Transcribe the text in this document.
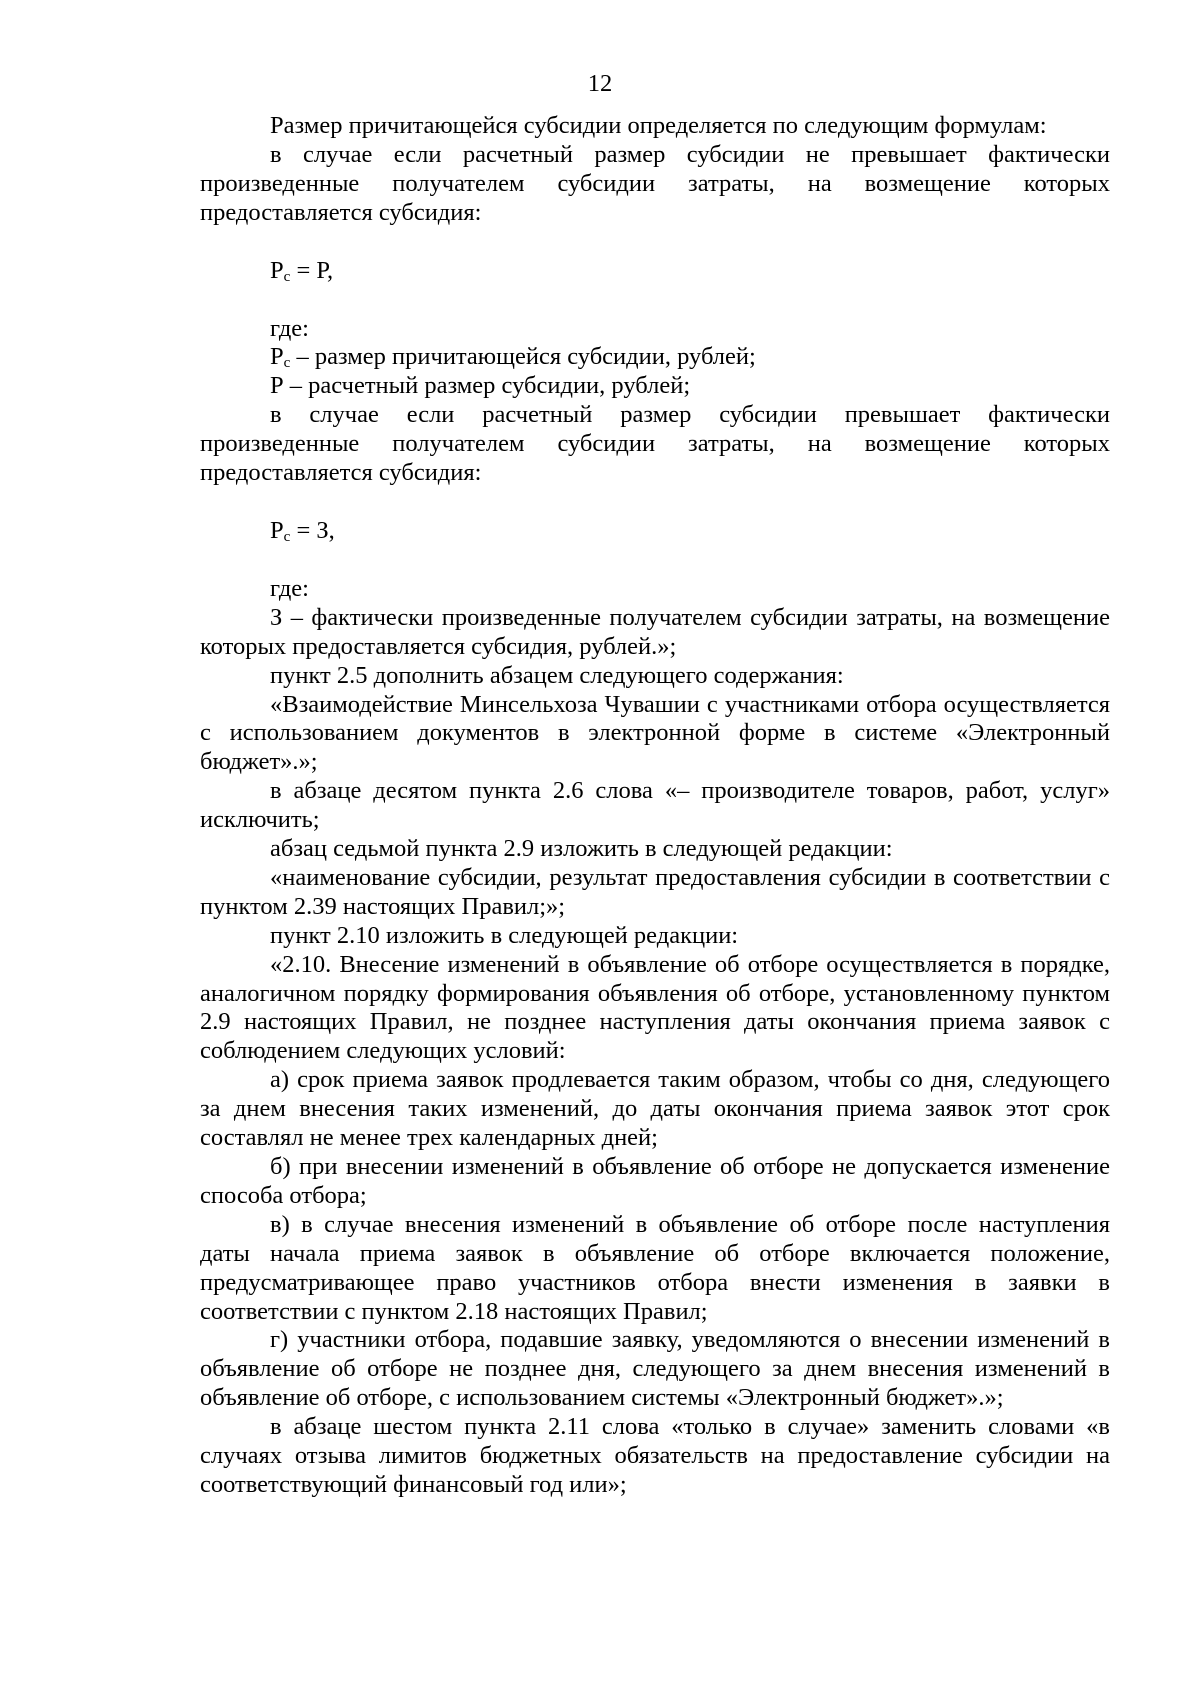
12

Размер причитающейся субсидии определяется по следующим формулам:

в случае если расчетный размер субсидии не превышает фактически произведенные получателем субсидии затраты, на возмещение которых предоставляется субсидия:

$Р_с = Р$,

где:

$Р_с$ – размер причитающейся субсидии, рублей;

Р – расчетный размер субсидии, рублей;

в случае если расчетный размер субсидии превышает фактически произведенные получателем субсидии затраты, на возмещение которых предоставляется субсидия:

$Р_с = З$,

где:

З – фактически произведенные получателем субсидии затраты, на возмещение которых предоставляется субсидия, рублей.»;

пункт 2.5 дополнить абзацем следующего содержания:

«Взаимодействие Минсельхоза Чувашии с участниками отбора осуществляется с использованием документов в электронной форме в системе «Электронный бюджет».»;

в абзаце десятом пункта 2.6 слова «– производителе товаров, работ, услуг» исключить;

абзац седьмой пункта 2.9 изложить в следующей редакции:

«наименование субсидии, результат предоставления субсидии в соответствии с пунктом 2.39 настоящих Правил;»;

пункт 2.10 изложить в следующей редакции:

«2.10. Внесение изменений в объявление об отборе осуществляется в порядке, аналогичном порядку формирования объявления об отборе, установленному пунктом 2.9 настоящих Правил, не позднее наступления даты окончания приема заявок с соблюдением следующих условий:

а) срок приема заявок продлевается таким образом, чтобы со дня, следующего за днем внесения таких изменений, до даты окончания приема заявок этот срок составлял не менее трех календарных дней;

б) при внесении изменений в объявление об отборе не допускается изменение способа отбора;

в) в случае внесения изменений в объявление об отборе после наступления даты начала приема заявок в объявление об отборе включается положение, предусматривающее право участников отбора внести изменения в заявки в соответствии с пунктом 2.18 настоящих Правил;

г) участники отбора, подавшие заявку, уведомляются о внесении изменений в объявление об отборе не позднее дня, следующего за днем внесения изменений в объявление об отборе, с использованием системы «Электронный бюджет».»;

в абзаце шестом пункта 2.11 слова «только в случае» заменить словами «в случаях отзыва лимитов бюджетных обязательств на предоставление субсидии на соответствующий финансовый год или»;
